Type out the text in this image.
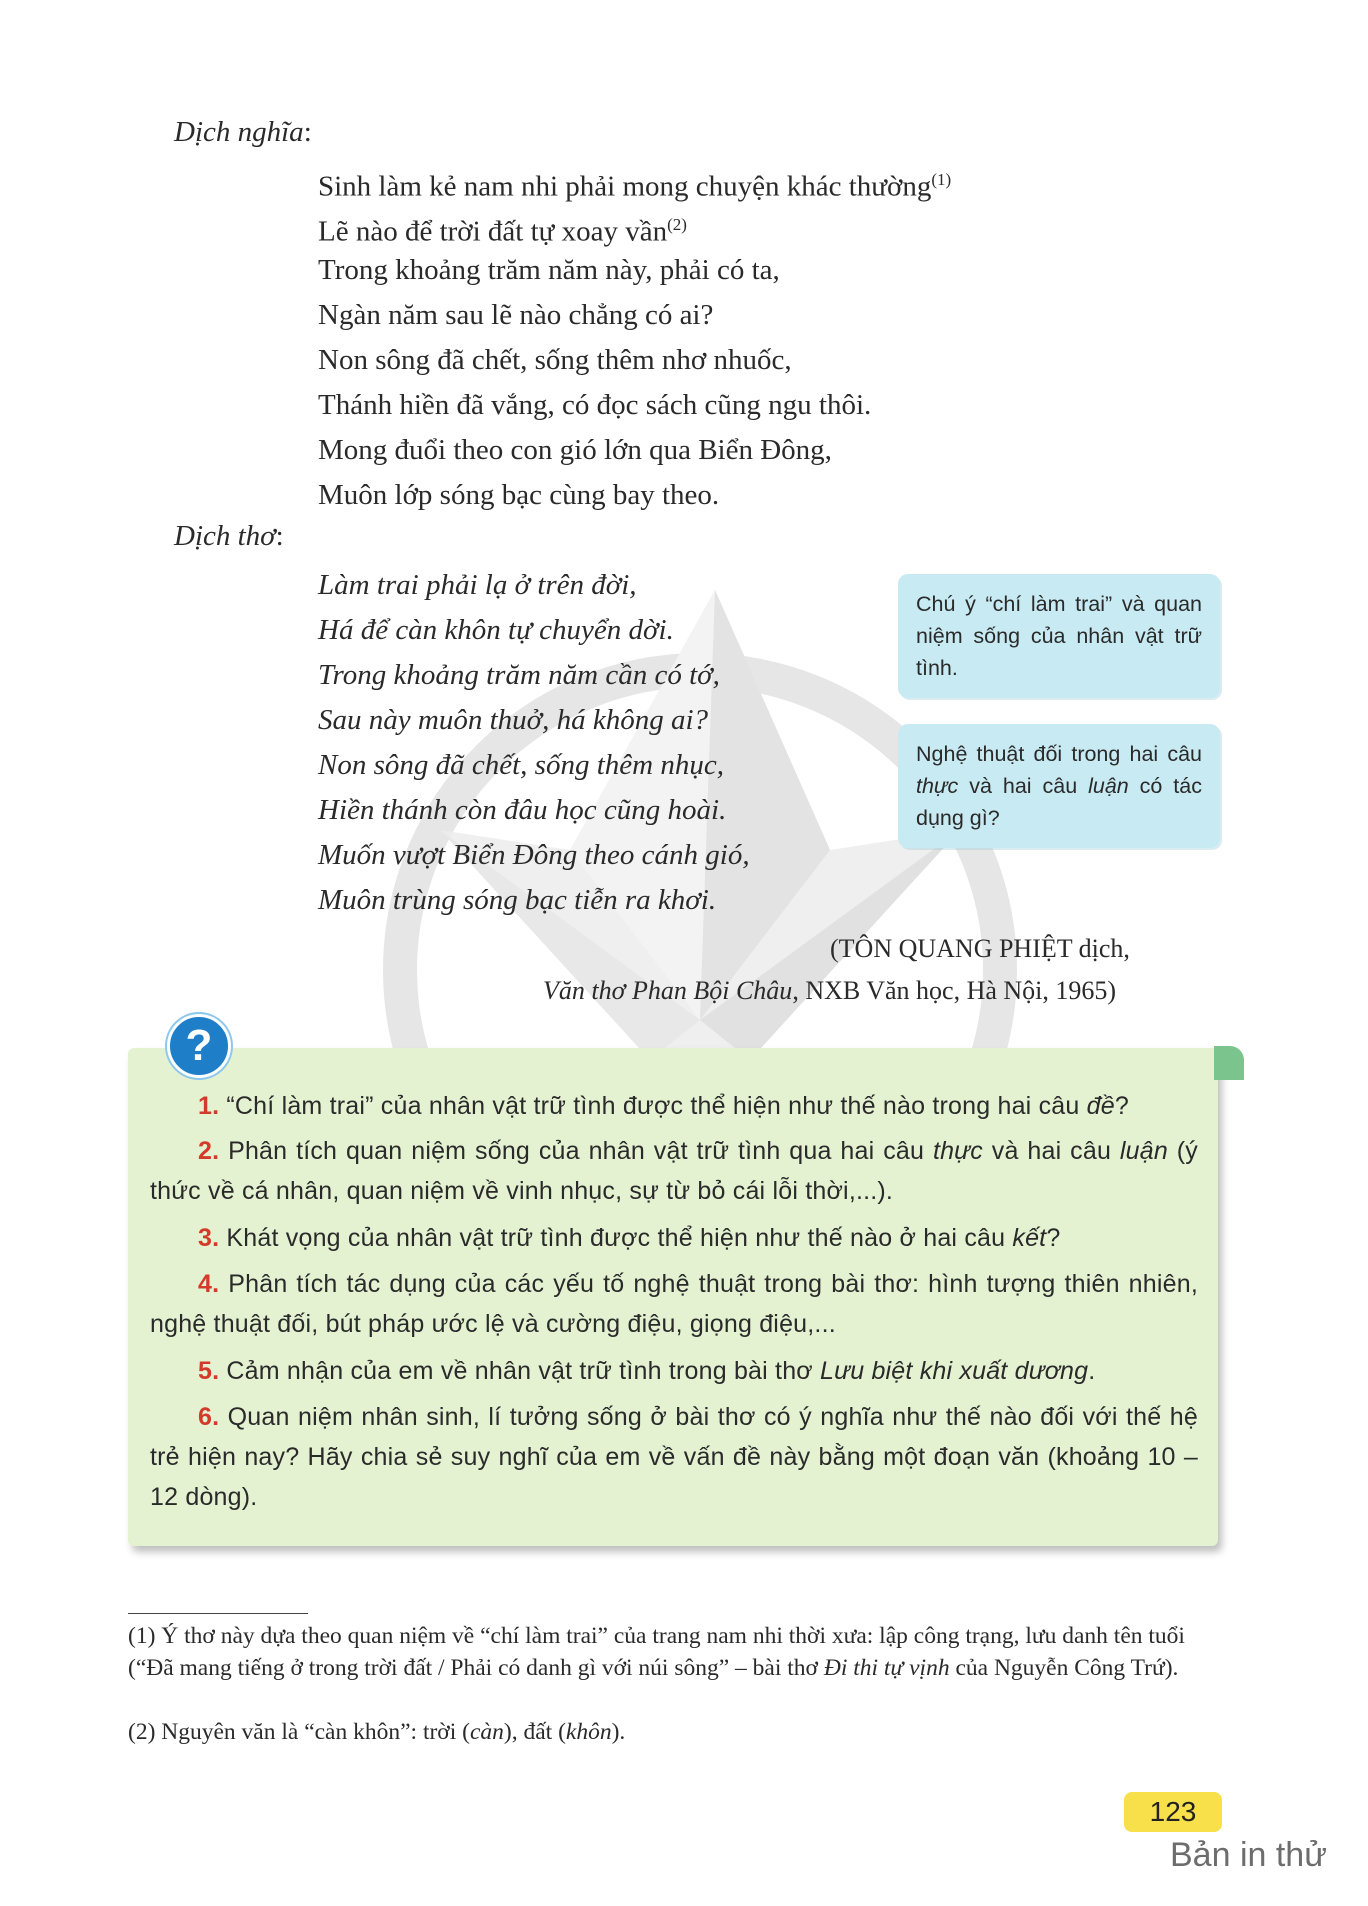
Dịch nghĩa:
Sinh làm kẻ nam nhi phải mong chuyện khác thường$^{(1)}$
Lẽ nào để trời đất tự xoay vần$^{(2)}$
Trong khoảng trăm năm này, phải có ta,
Ngàn năm sau lẽ nào chẳng có ai?
Non sông đã chết, sống thêm nhơ nhuốc,
Thánh hiền đã vắng, có đọc sách cũng ngu thôi.
Mong đuổi theo con gió lớn qua Biển Đông,
Muôn lớp sóng bạc cùng bay theo.
Dịch thơ:
Làm trai phải lạ ở trên đời,
Há để càn khôn tự chuyển dời.
Trong khoảng trăm năm cần có tớ,
Sau này muôn thuở, há không ai?
Non sông đã chết, sống thêm nhục,
Hiền thánh còn đâu học cũng hoài.
Muốn vượt Biển Đông theo cánh gió,
Muôn trùng sóng bạc tiễn ra khơi.
Chú ý “chí làm trai” và quan niệm sống của nhân vật trữ tình.
Nghệ thuật đối trong hai câu thực và hai câu luận có tác dụng gì?
(TÔN QUANG PHIỆT dịch,
Văn thơ Phan Bội Châu, NXB Văn học, Hà Nội, 1965)
?
1. “Chí làm trai” của nhân vật trữ tình được thể hiện như thế nào trong hai câu đề?
2. Phân tích quan niệm sống của nhân vật trữ tình qua hai câu thực và hai câu luận (ý thức về cá nhân, quan niệm về vinh nhục, sự từ bỏ cái lỗi thời,...).
3. Khát vọng của nhân vật trữ tình được thể hiện như thế nào ở hai câu kết?
4. Phân tích tác dụng của các yếu tố nghệ thuật trong bài thơ: hình tượng thiên nhiên, nghệ thuật đối, bút pháp ước lệ và cường điệu, giọng điệu,...
5. Cảm nhận của em về nhân vật trữ tình trong bài thơ Lưu biệt khi xuất dương.
6. Quan niệm nhân sinh, lí tưởng sống ở bài thơ có ý nghĩa như thế nào đối với thế hệ trẻ hiện nay? Hãy chia sẻ suy nghĩ của em về vấn đề này bằng một đoạn văn (khoảng 10 – 12 dòng).
(1) Ý thơ này dựa theo quan niệm về “chí làm trai” của trang nam nhi thời xưa: lập công trạng, lưu danh tên tuổi (“Đã mang tiếng ở trong trời đất / Phải có danh gì với núi sông” – bài thơ Đi thi tự vịnh của Nguyễn Công Trứ).
(2) Nguyên văn là “càn khôn”: trời (càn), đất (khôn).
123
Bản in thử
